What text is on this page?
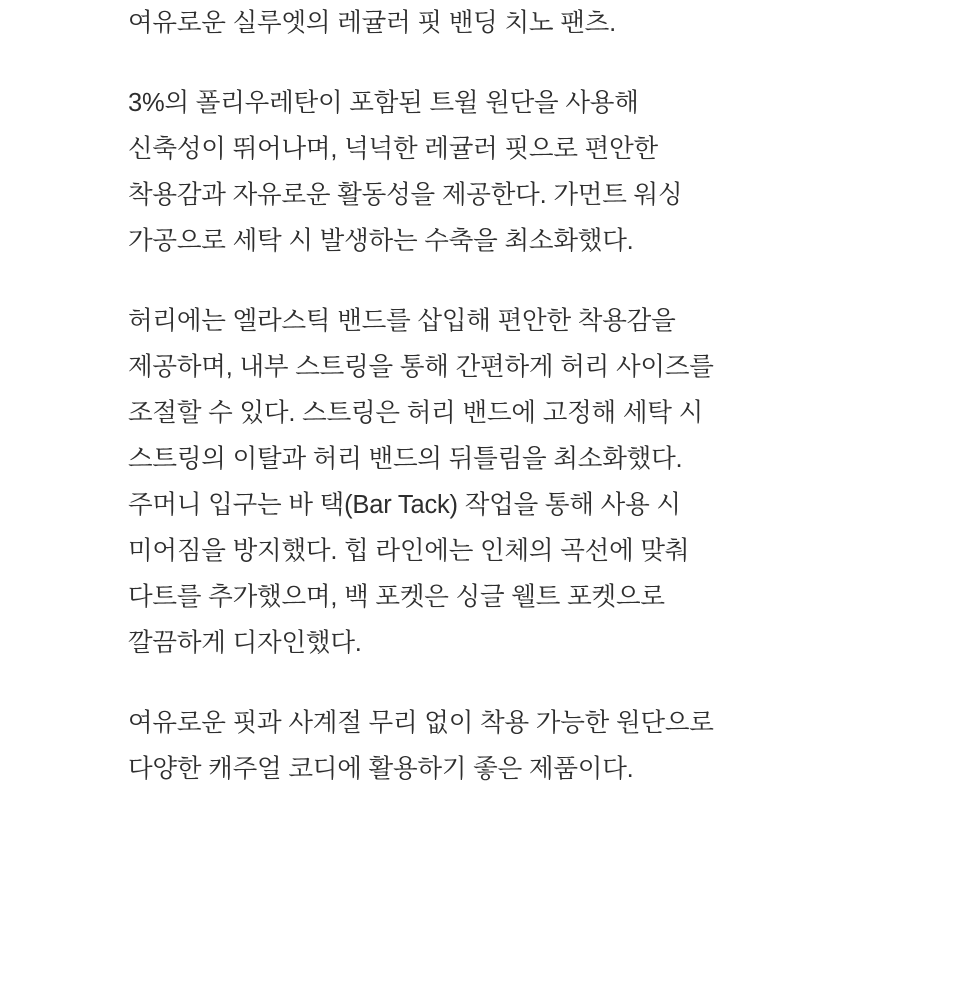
여유로운 실루엣의 레귤러 핏 밴딩 치노 팬츠.
3%의 폴리우레탄이 포함된 트윌 원단을 사용해
신축성이 뛰어나며, 넉넉한 레귤러 핏으로 편안한
착용감과 자유로운 활동성을 제공한다. 가먼트 워싱
가공으로 세탁 시 발생하는 수축을 최소화했다.
허리에는 엘라스틱 밴드를 삽입해 편안한 착용감을
제공하며, 내부 스트링을 통해 간편하게 허리 사이즈를
조절할 수 있다. 스트링은 허리 밴드에 고정해 세탁 시
스트링의 이탈과 허리 밴드의 뒤틀림을 최소화했다.
주머니 입구는 바 택(Bar Tack) 작업을 통해 사용 시
미어짐을 방지했다. 힙 라인에는 인체의 곡선에 맞춰
다트를 추가했으며, 백 포켓은 싱글 웰트 포켓으로
깔끔하게 디자인했다.
여유로운 핏과 사계절 무리 없이 착용 가능한 원단으로
다양한 캐주얼 코디에 활용하기 좋은 제품이다.
